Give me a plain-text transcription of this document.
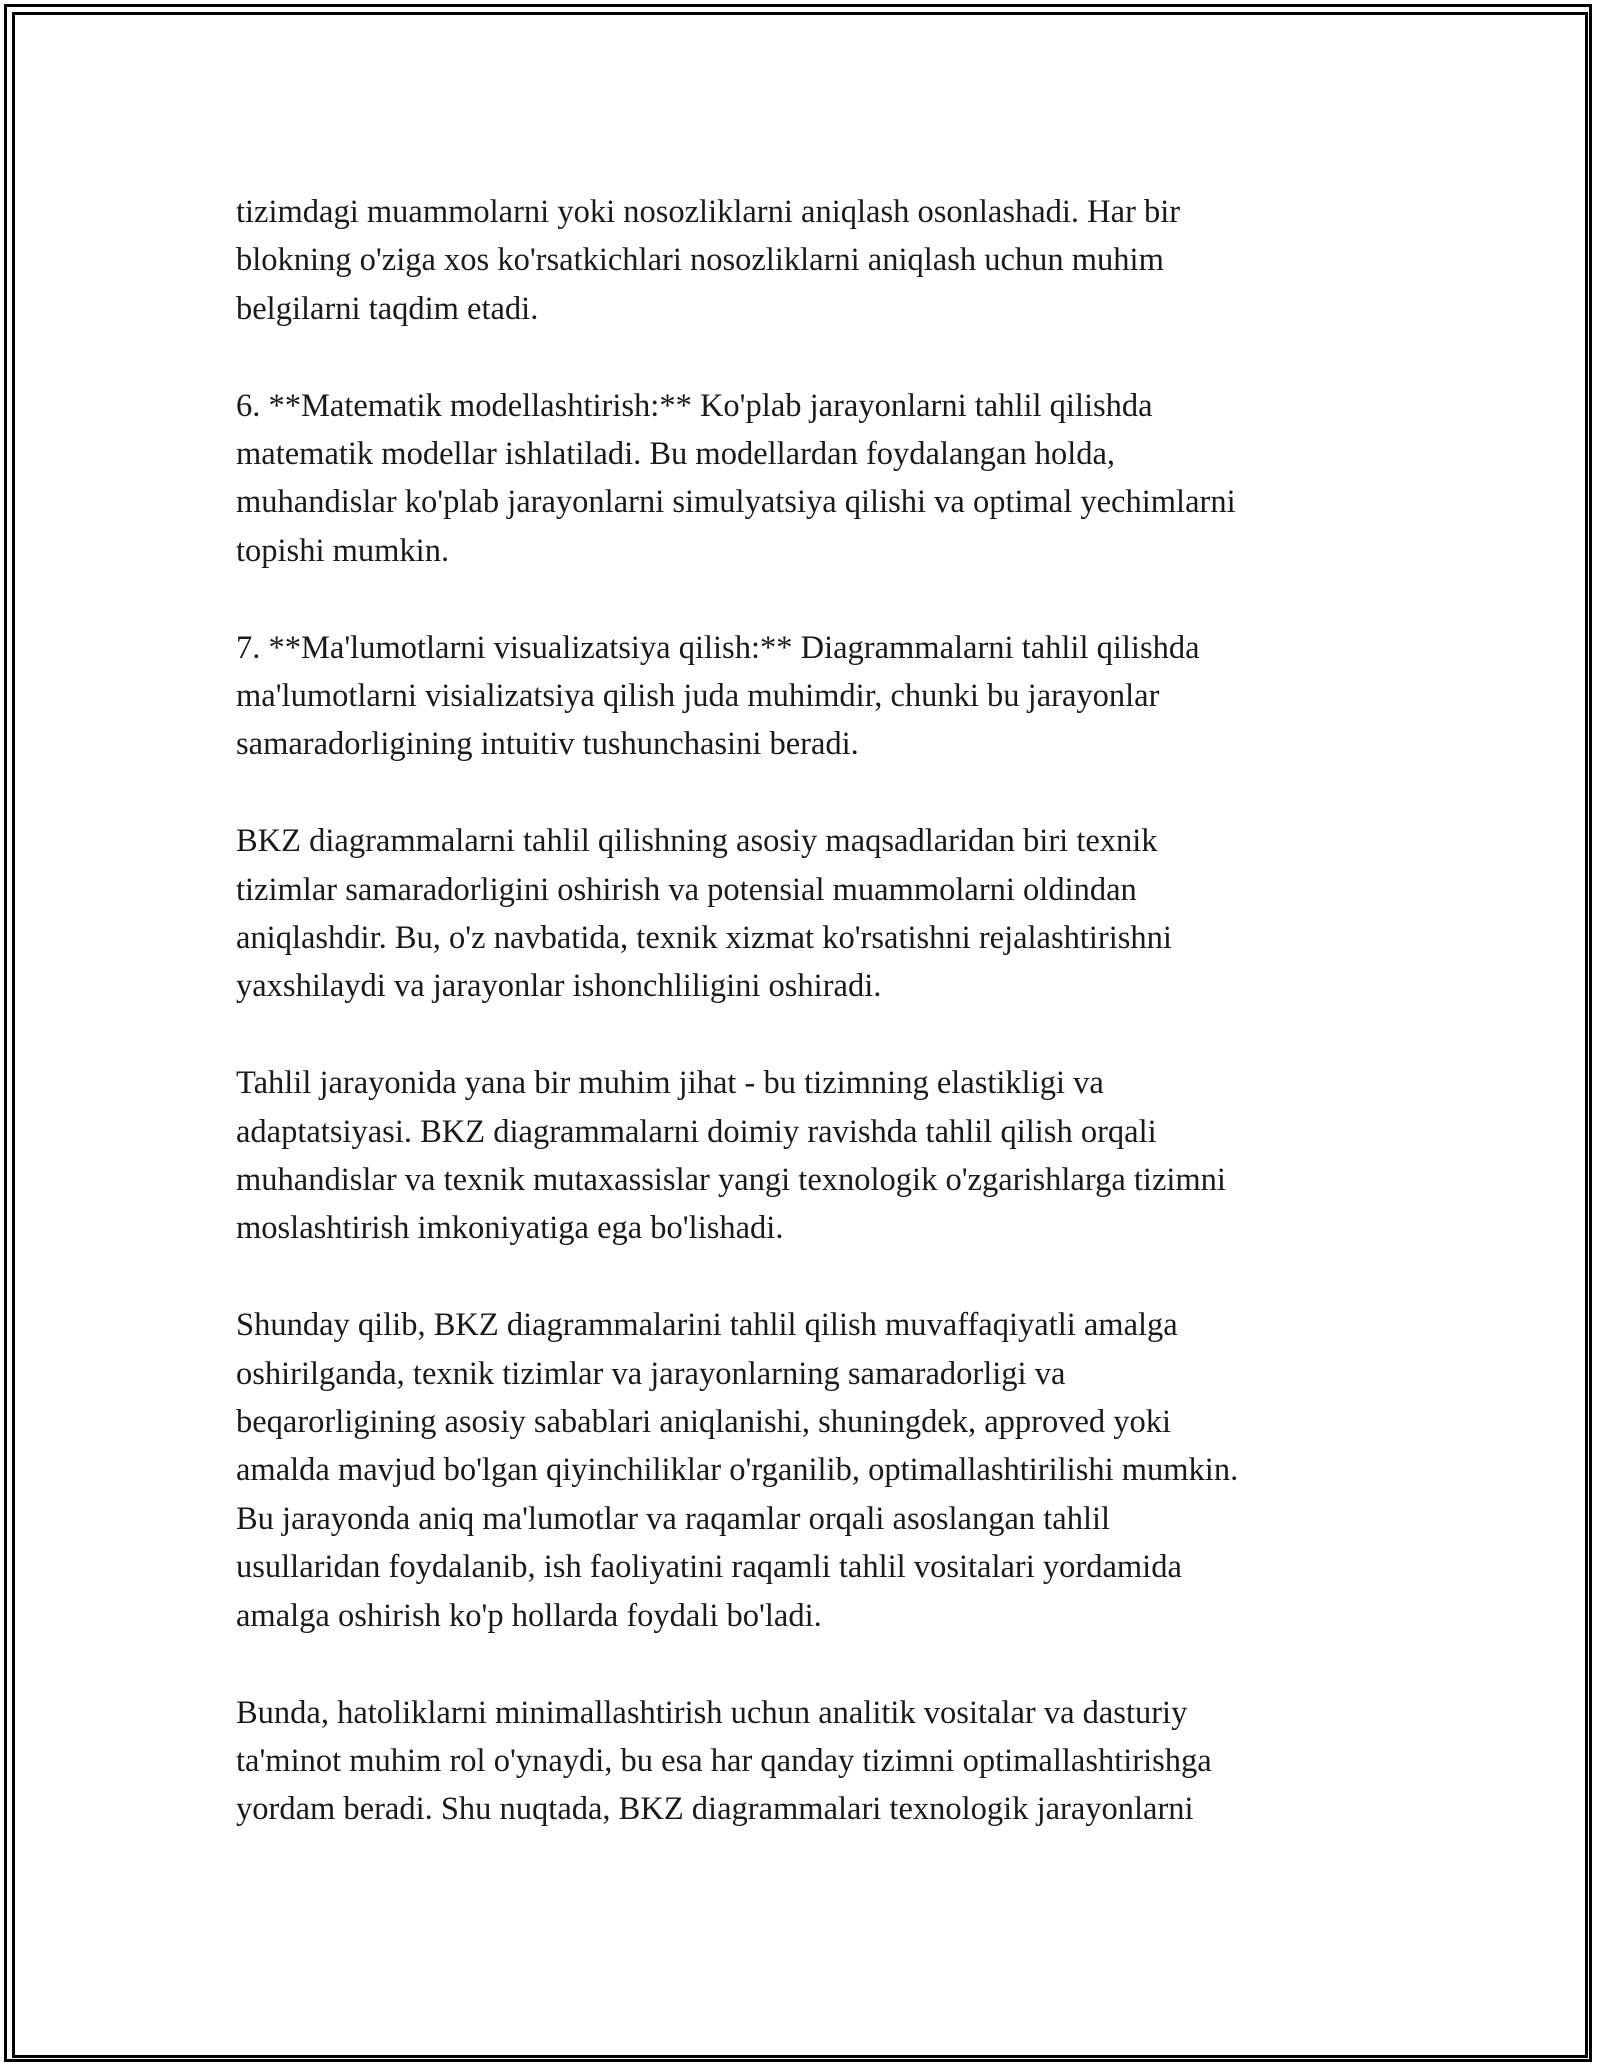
tizimdagi muammolarni yoki nosozliklarni aniqlash osonlashadi. Har bir
blokning o'ziga xos ko'rsatkichlari nosozliklarni aniqlash uchun muhim
belgilarni taqdim etadi.

6. **Matematik modellashtirish:** Ko'plab jarayonlarni tahlil qilishda
matematik modellar ishlatiladi. Bu modellardan foydalangan holda,
muhandislar ko'plab jarayonlarni simulyatsiya qilishi va optimal yechimlarni
topishi mumkin.

7. **Ma'lumotlarni visualizatsiya qilish:** Diagrammalarni tahlil qilishda
ma'lumotlarni visializatsiya qilish juda muhimdir, chunki bu jarayonlar
samaradorligining intuitiv tushunchasini beradi.

BKZ diagrammalarni tahlil qilishning asosiy maqsadlaridan biri texnik
tizimlar samaradorligini oshirish va potensial muammolarni oldindan
aniqlashdir. Bu, o'z navbatida, texnik xizmat ko'rsatishni rejalashtirishni
yaxshilaydi va jarayonlar ishonchliligini oshiradi.

Tahlil jarayonida yana bir muhim jihat - bu tizimning elastikligi va
adaptatsiyasi. BKZ diagrammalarni doimiy ravishda tahlil qilish orqali
muhandislar va texnik mutaxassislar yangi texnologik o'zgarishlarga tizimni
moslashtirish imkoniyatiga ega bo'lishadi.

Shunday qilib, BKZ diagrammalarini tahlil qilish muvaffaqiyatli amalga
oshirilganda, texnik tizimlar va jarayonlarning samaradorligi va
beqarorligining asosiy sabablari aniqlanishi, shuningdek, approved yoki
amalda mavjud bo'lgan qiyinchiliklar o'rganilib, optimallashtirilishi mumkin.
Bu jarayonda aniq ma'lumotlar va raqamlar orqali asoslangan tahlil
usullaridan foydalanib, ish faoliyatini raqamli tahlil vositalari yordamida
amalga oshirish ko'p hollarda foydali bo'ladi.

Bunda, hatoliklarni minimallashtirish uchun analitik vositalar va dasturiy
ta'minot muhim rol o'ynaydi, bu esa har qanday tizimni optimallashtirishga
yordam beradi. Shu nuqtada, BKZ diagrammalari texnologik jarayonlarni
